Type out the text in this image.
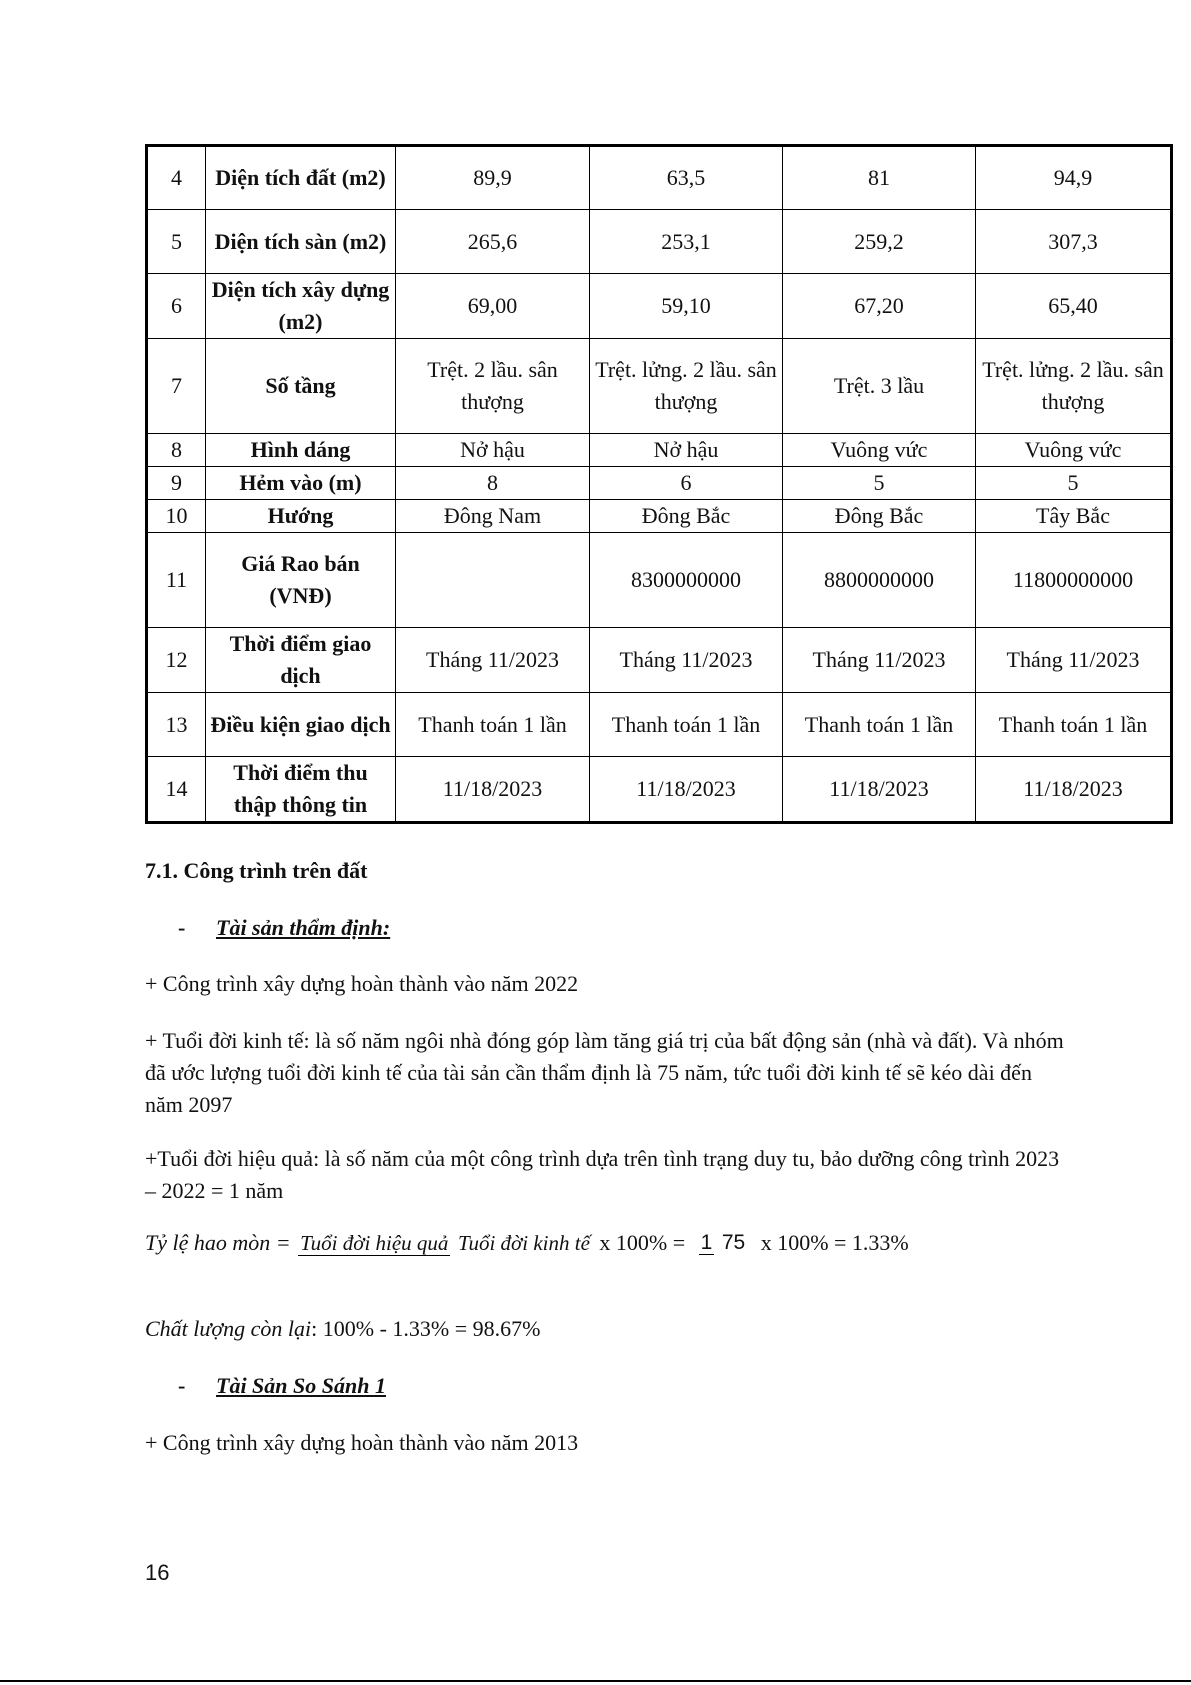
4	Diện tích đất (m2)	89,9	63,5	81	94,9
5	Diện tích sàn (m2)	265,6	253,1	259,2	307,3
6	Diện tích xây dựng (m2)	69,00	59,10	67,20	65,40
7	Số tầng	Trệt. 2 lầu. sân thượng	Trệt. lửng. 2 lầu. sân thượng	Trệt. 3 lầu	Trệt. lửng. 2 lầu. sân thượng
8	Hình dáng	Nở hậu	Nở hậu	Vuông vức	Vuông vức
9	Hẻm vào (m)	8	6	5	5
10	Hướng	Đông Nam	Đông Bắc	Đông Bắc	Tây Bắc
11	Giá Rao bán (VNĐ)		8300000000	8800000000	11800000000
12	Thời điểm giao dịch	Tháng 11/2023	Tháng 11/2023	Tháng 11/2023	Tháng 11/2023
13	Điều kiện giao dịch	Thanh toán 1 lần	Thanh toán 1 lần	Thanh toán 1 lần	Thanh toán 1 lần
14	Thời điểm thu thập thông tin	11/18/2023	11/18/2023	11/18/2023	11/18/2023
7.1. Công trình trên đất
- Tài sản thẩm định:
+ Công trình xây dựng hoàn thành vào năm 2022
+ Tuổi đời kinh tế: là số năm ngôi nhà đóng góp làm tăng giá trị của bất động sản (nhà và đất). Và nhóm đã ước lượng tuổi đời kinh tế của tài sản cần thẩm định là 75 năm, tức tuổi đời kinh tế sẽ kéo dài đến năm 2097
+Tuổi đời hiệu quả: là số năm của một công trình dựa trên tình trạng duy tu, bảo dưỡng công trình 2023 – 2022 = 1 năm
Tỷ lệ hao mòn = Tuổi đời hiệu quả Tuổi đời kinh tế x 100% = 1 75 x 100% = 1.33%
Chất lượng còn lại: 100% - 1.33% = 98.67%
- Tài Sản So Sánh 1
+ Công trình xây dựng hoàn thành vào năm 2013
16
